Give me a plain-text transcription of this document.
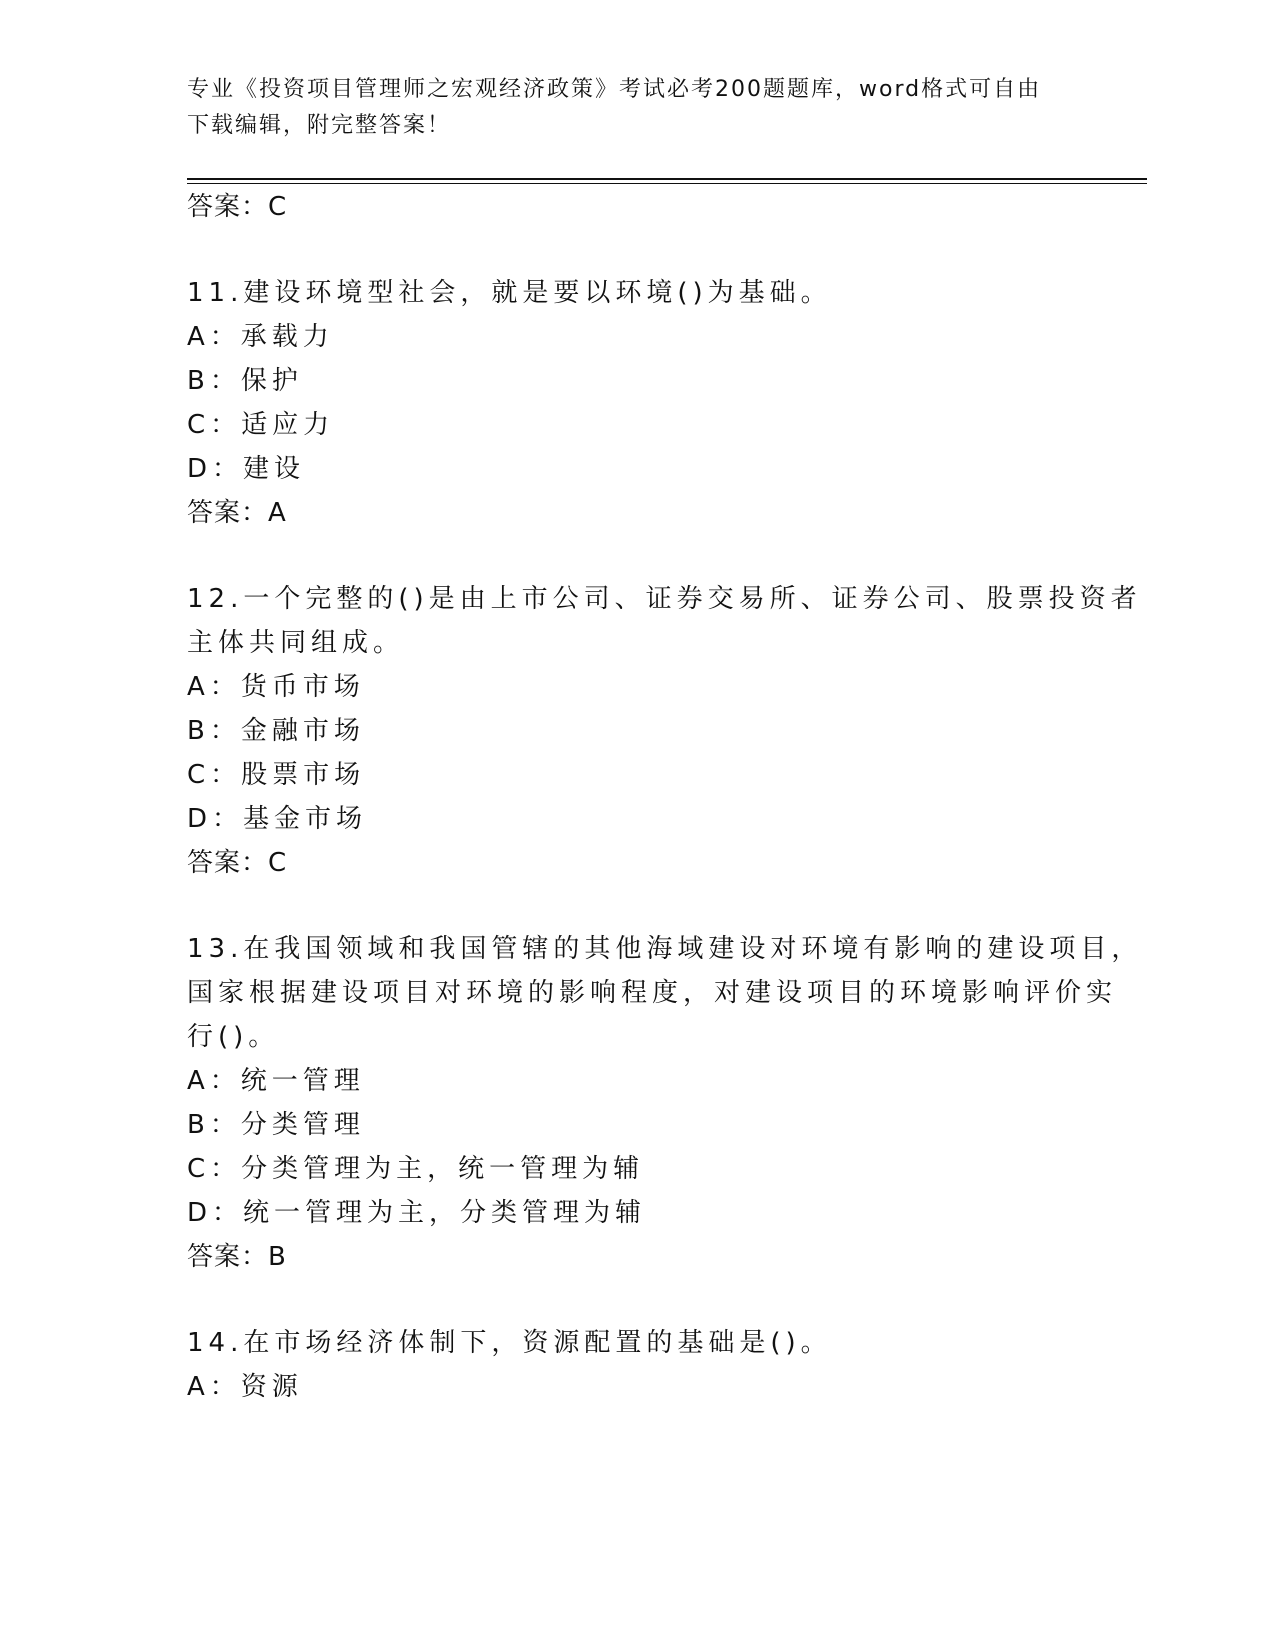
专业《投资项目管理师之宏观经济政策》考试必考200题题库，word格式可自由
下载编辑，附完整答案！
答案：C
11.建设环境型社会，就是要以环境()为基础。
A：承载力
B：保护
C：适应力
D：建设
答案：A
12.一个完整的()是由上市公司、证券交易所、证券公司、股票投资者
主体共同组成。
A：货币市场
B：金融市场
C：股票市场
D：基金市场
答案：C
13.在我国领域和我国管辖的其他海域建设对环境有影响的建设项目，
国家根据建设项目对环境的影响程度，对建设项目的环境影响评价实
行()。
A：统一管理
B：分类管理
C：分类管理为主，统一管理为辅
D：统一管理为主，分类管理为辅
答案：B
14.在市场经济体制下，资源配置的基础是()。
A：资源
